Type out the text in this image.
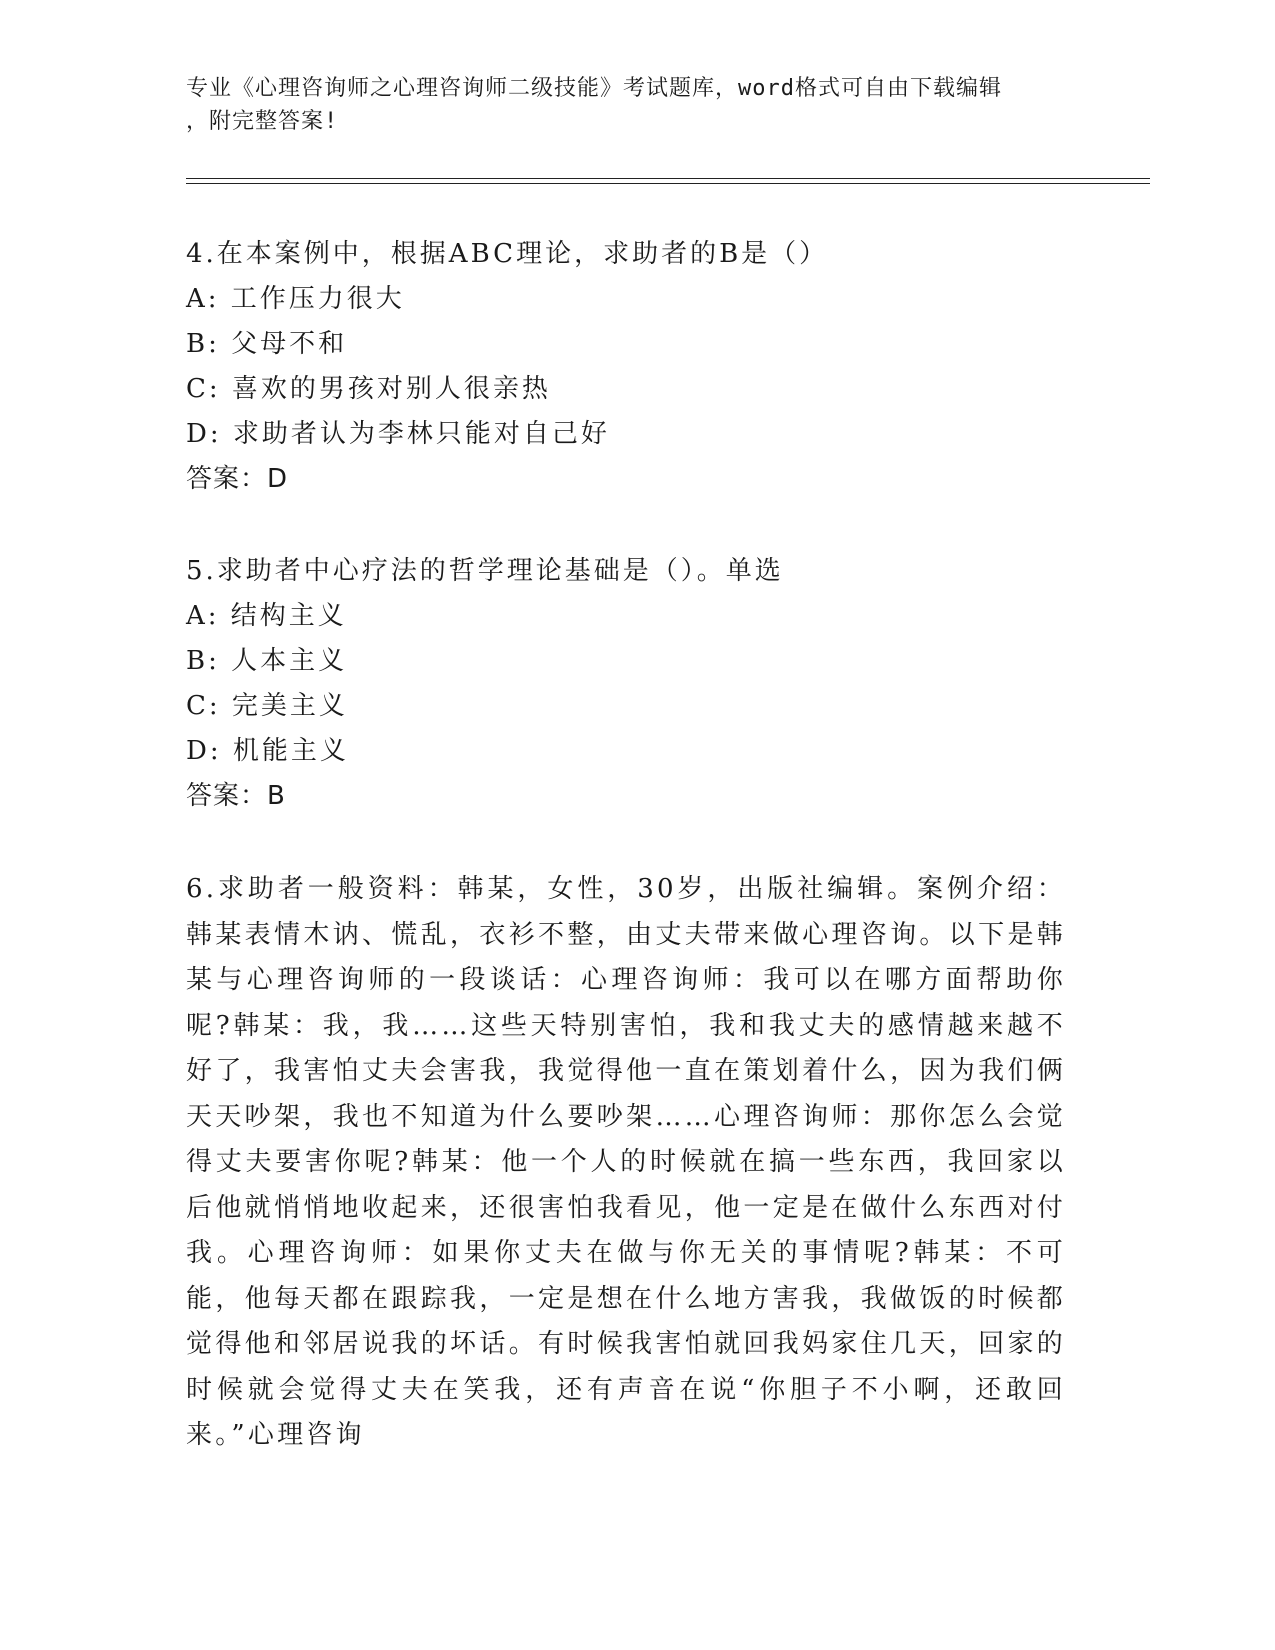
专业《心理咨询师之心理咨询师二级技能》考试题库，word格式可自由下载编辑
，附完整答案!
4.在本案例中，根据ABC理论，求助者的B是（）
A: 工作压力很大
B: 父母不和
C: 喜欢的男孩对别人很亲热
D: 求助者认为李林只能对自己好
答案：D
5.求助者中心疗法的哲学理论基础是（）。单选
A: 结构主义
B: 人本主义
C: 完美主义
D: 机能主义
答案：B
6.求助者一般资料：韩某，女性，30岁，出版社编辑。案例介绍：韩某表情木讷、慌乱，衣衫不整，由丈夫带来做心理咨询。以下是韩某与心理咨询师的一段谈话：心理咨询师：我可以在哪方面帮助你呢?韩某：我，我……这些天特别害怕，我和我丈夫的感情越来越不好了，我害怕丈夫会害我，我觉得他一直在策划着什么，因为我们俩天天吵架，我也不知道为什么要吵架……心理咨询师：那你怎么会觉得丈夫要害你呢?韩某：他一个人的时候就在搞一些东西，我回家以后他就悄悄地收起来，还很害怕我看见，他一定是在做什么东西对付我。心理咨询师：如果你丈夫在做与你无关的事情呢?韩某：不可能，他每天都在跟踪我，一定是想在什么地方害我，我做饭的时候都觉得他和邻居说我的坏话。有时候我害怕就回我妈家住几天，回家的时候就会觉得丈夫在笑我，还有声音在说“你胆子不小啊，还敢回来。”心理咨询
